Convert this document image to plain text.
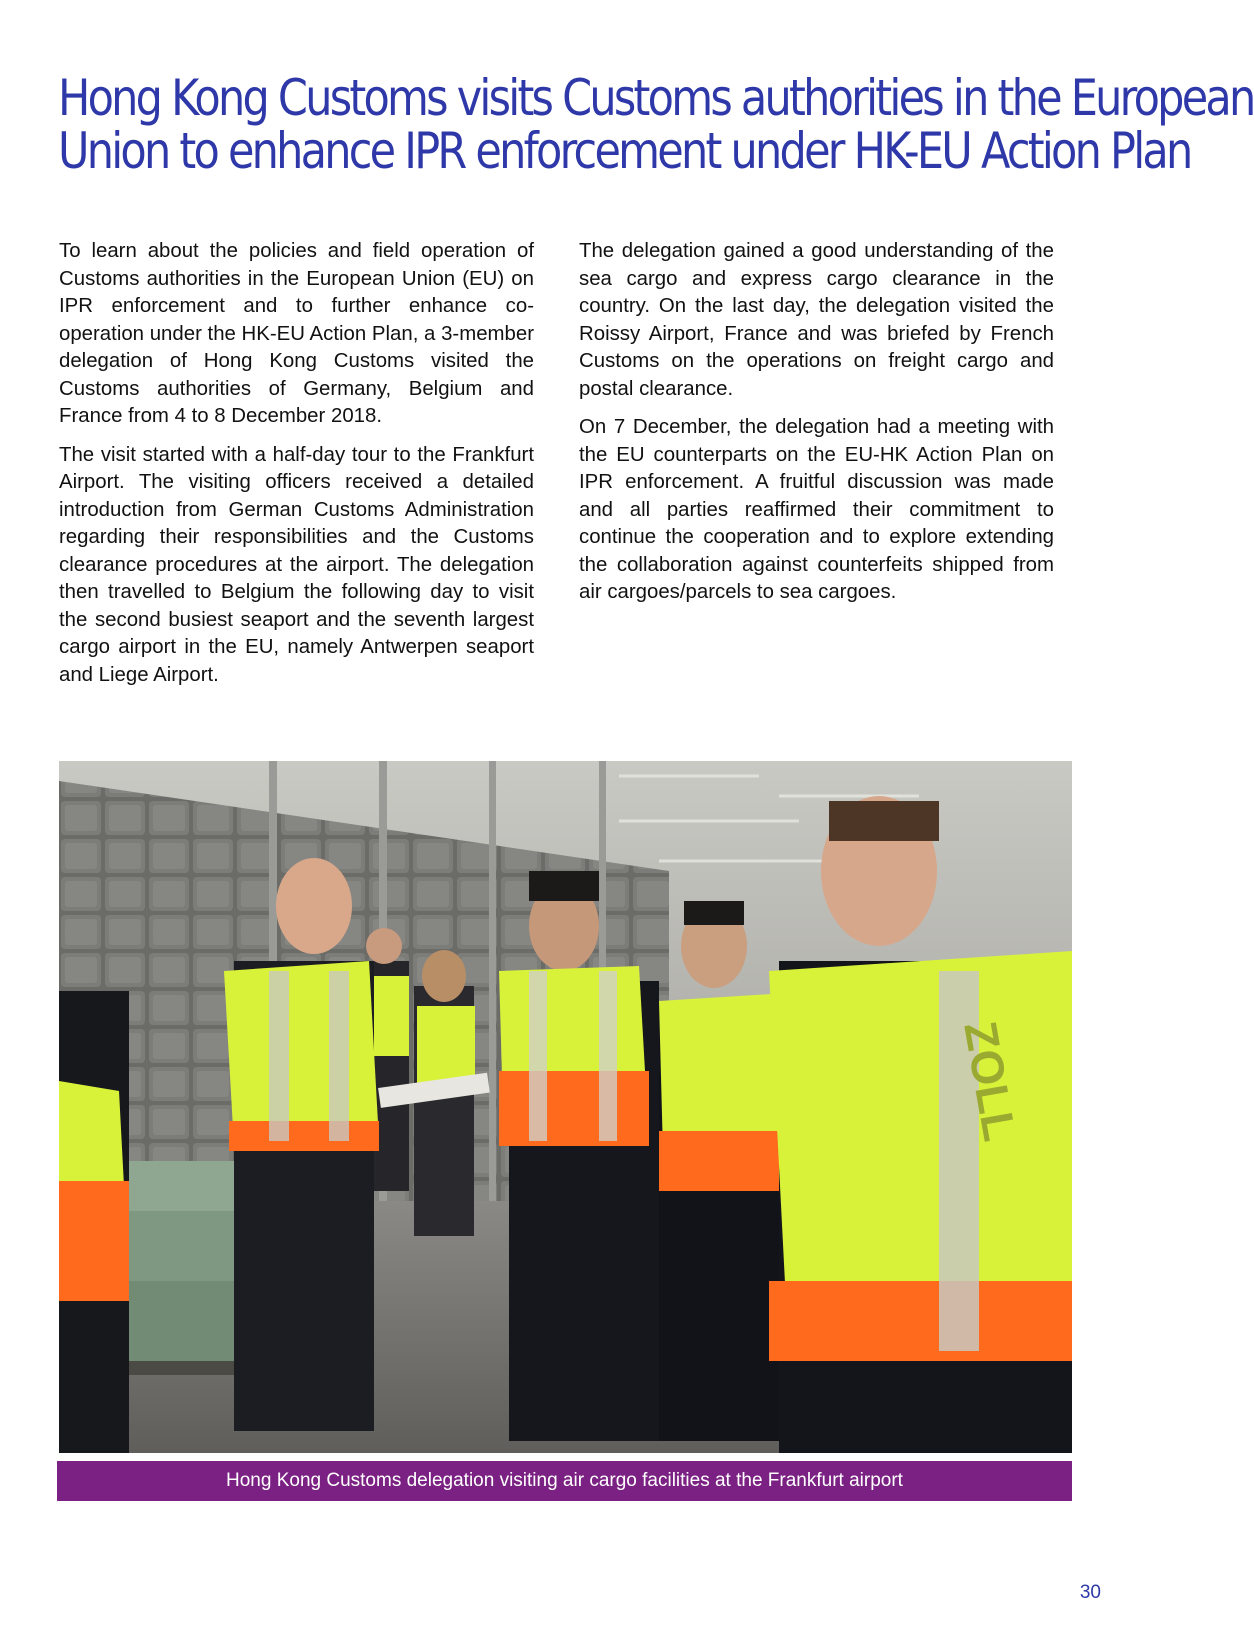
Hong Kong Customs visits Customs authorities in the European
Union to enhance IPR enforcement under HK-EU Action Plan

To learn about the policies and field operation of Customs authorities in the European Union (EU) on IPR enforcement and to further enhance co-operation under the HK-EU Action Plan, a 3-member delegation of Hong Kong Customs visited the Customs authorities of Germany, Belgium and France from 4 to 8 December 2018.

The visit started with a half-day tour to the Frankfurt Airport. The visiting officers received a detailed introduction from German Customs Administration regarding their responsibilities and the Customs clearance procedures at the airport. The delegation then travelled to Belgium the following day to visit the second busiest seaport and the seventh largest cargo airport in the EU, namely Antwerpen seaport and Liege Airport.

The delegation gained a good understanding of the sea cargo and express cargo clearance in the country. On the last day, the delegation visited the Roissy Airport, France and was briefed by French Customs on the operations on freight cargo and postal clearance.

On 7 December, the delegation had a meeting with the EU counterparts on the EU-HK Action Plan on IPR enforcement. A fruitful discussion was made and all parties reaffirmed their commitment to continue the cooperation and to explore extending the collaboration against counterfeits shipped from air cargoes/parcels to sea cargoes.

ZOLL
Hong Kong Customs delegation visiting air cargo facilities at the Frankfurt airport
30
